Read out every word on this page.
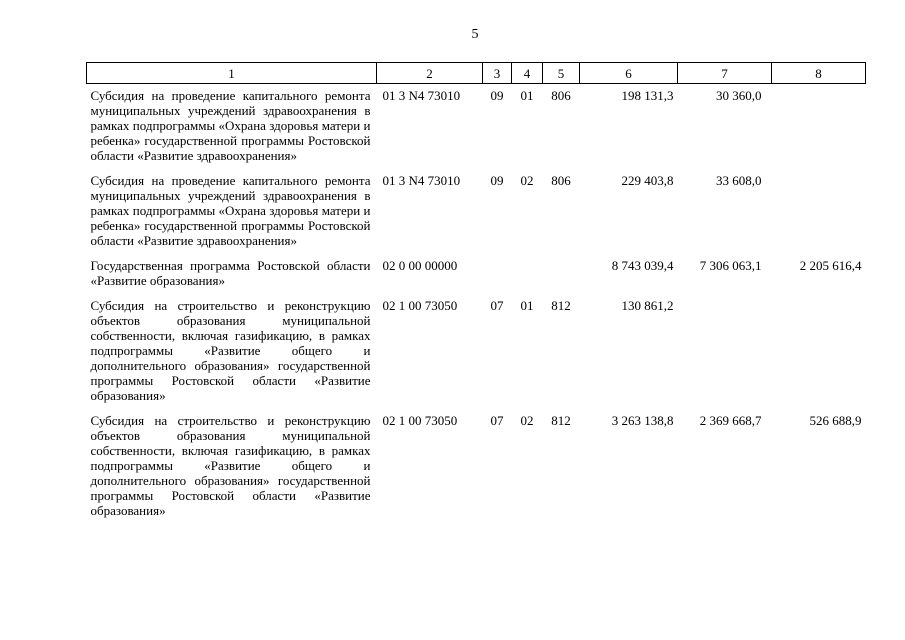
5
1	2	3	4	5	6	7	8
Субсидия на проведение капитального ремонта муниципальных учреждений здравоохранения в рамках подпрограммы «Охрана здоровья матери и ребенка» государственной программы Ростовской области «Развитие здравоохранения»	01 3 N4 73010	09	01	806	198 131,3	30 360,0	
Субсидия на проведение капитального ремонта муниципальных учреждений здравоохранения в рамках подпрограммы «Охрана здоровья матери и ребенка» государственной программы Ростовской области «Развитие здравоохранения»	01 3 N4 73010	09	02	806	229 403,8	33 608,0	
Государственная программа Ростовской области «Развитие образования»	02 0 00 00000				8 743 039,4	7 306 063,1	2 205 616,4
Субсидия на строительство и реконструкцию объектов образования муниципальной собственности, включая газификацию, в рамках подпрограммы «Развитие общего и дополнительного образования» государственной программы Ростовской области «Развитие образования»	02 1 00 73050	07	01	812	130 861,2		
Субсидия на строительство и реконструкцию объектов образования муниципальной собственности, включая газификацию, в рамках подпрограммы «Развитие общего и дополнительного образования» государственной программы Ростовской области «Развитие образования»	02 1 00 73050	07	02	812	3 263 138,8	2 369 668,7	526 688,9
